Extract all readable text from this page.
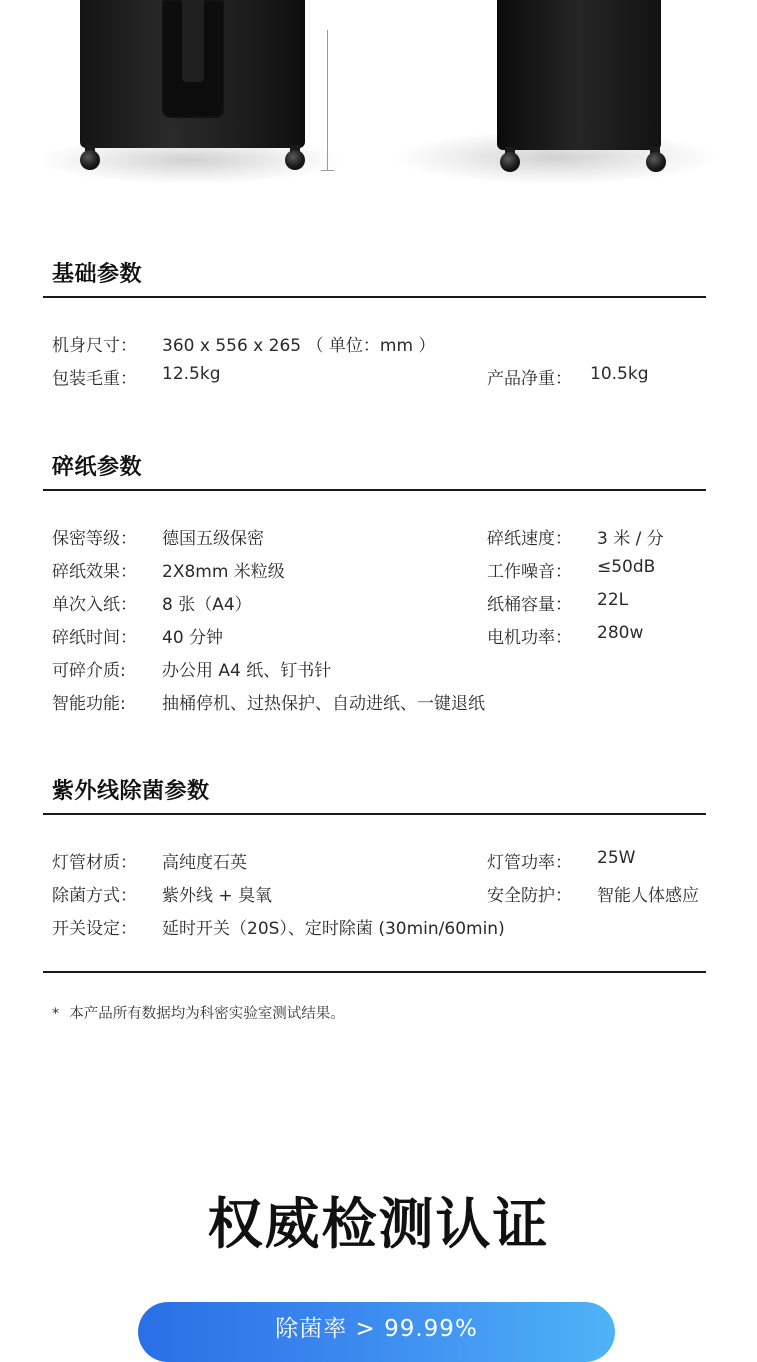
基础参数
机身尺寸： 360 x 556 x 265 （ 单位：mm ）
包装毛重： 12.5kg	产品净重： 10.5kg
碎纸参数
保密等级： 德国五级保密	碎纸速度： 3 米 / 分
碎纸效果： 2X8mm 米粒级	工作噪音： ≤50dB
单次入纸： 8 张（A4）	纸桶容量： 22L
碎纸时间： 40 分钟	电机功率： 280w
可碎介质: 办公用 A4 纸、钉书针
智能功能: 抽桶停机、过热保护、自动进纸、一键退纸
紫外线除菌参数
灯管材质： 高纯度石英	灯管功率： 25W
除菌方式： 紫外线 + 臭氧	安全防护： 智能人体感应
开关设定： 延时开关（20S）、定时除菌 (30min/60min)
* 本产品所有数据均为科密实验室测试结果。
权威检测认证
除菌率 > 99.99%
